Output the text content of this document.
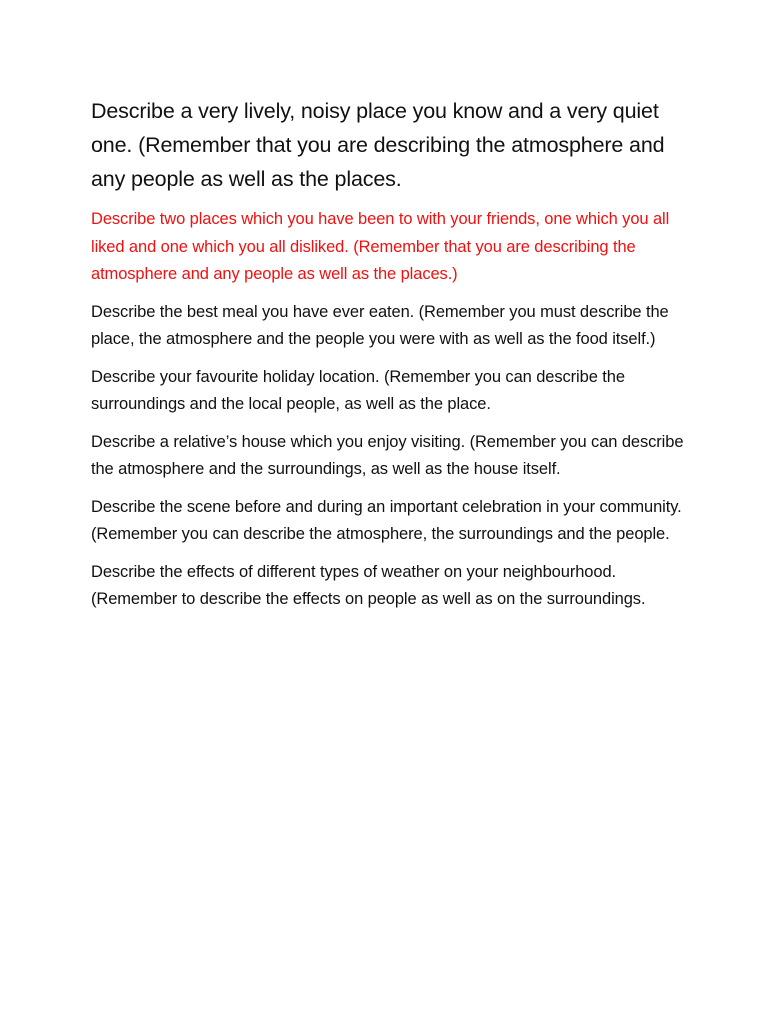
Describe a very lively, noisy place you know and a very quiet one. (Remember that you are describing the atmosphere and any people as well as the places.

Describe two places which you have been to with your friends, one which you all liked and one which you all disliked. (Remember that you are describing the atmosphere and any people as well as the places.)

Describe the best meal you have ever eaten. (Remember you must describe the place, the atmosphere and the people you were with as well as the food itself.)

Describe your favourite holiday location. (Remember you can describe the surroundings and the local people, as well as the place.

Describe a relative’s house which you enjoy visiting. (Remember you can describe the atmosphere and the surroundings, as well as the house itself.

Describe the scene before and during an important celebration in your community. (Remember you can describe the atmosphere, the surroundings and the people.

Describe the effects of different types of weather on your neighbourhood. (Remember to describe the effects on people as well as on the surroundings.
